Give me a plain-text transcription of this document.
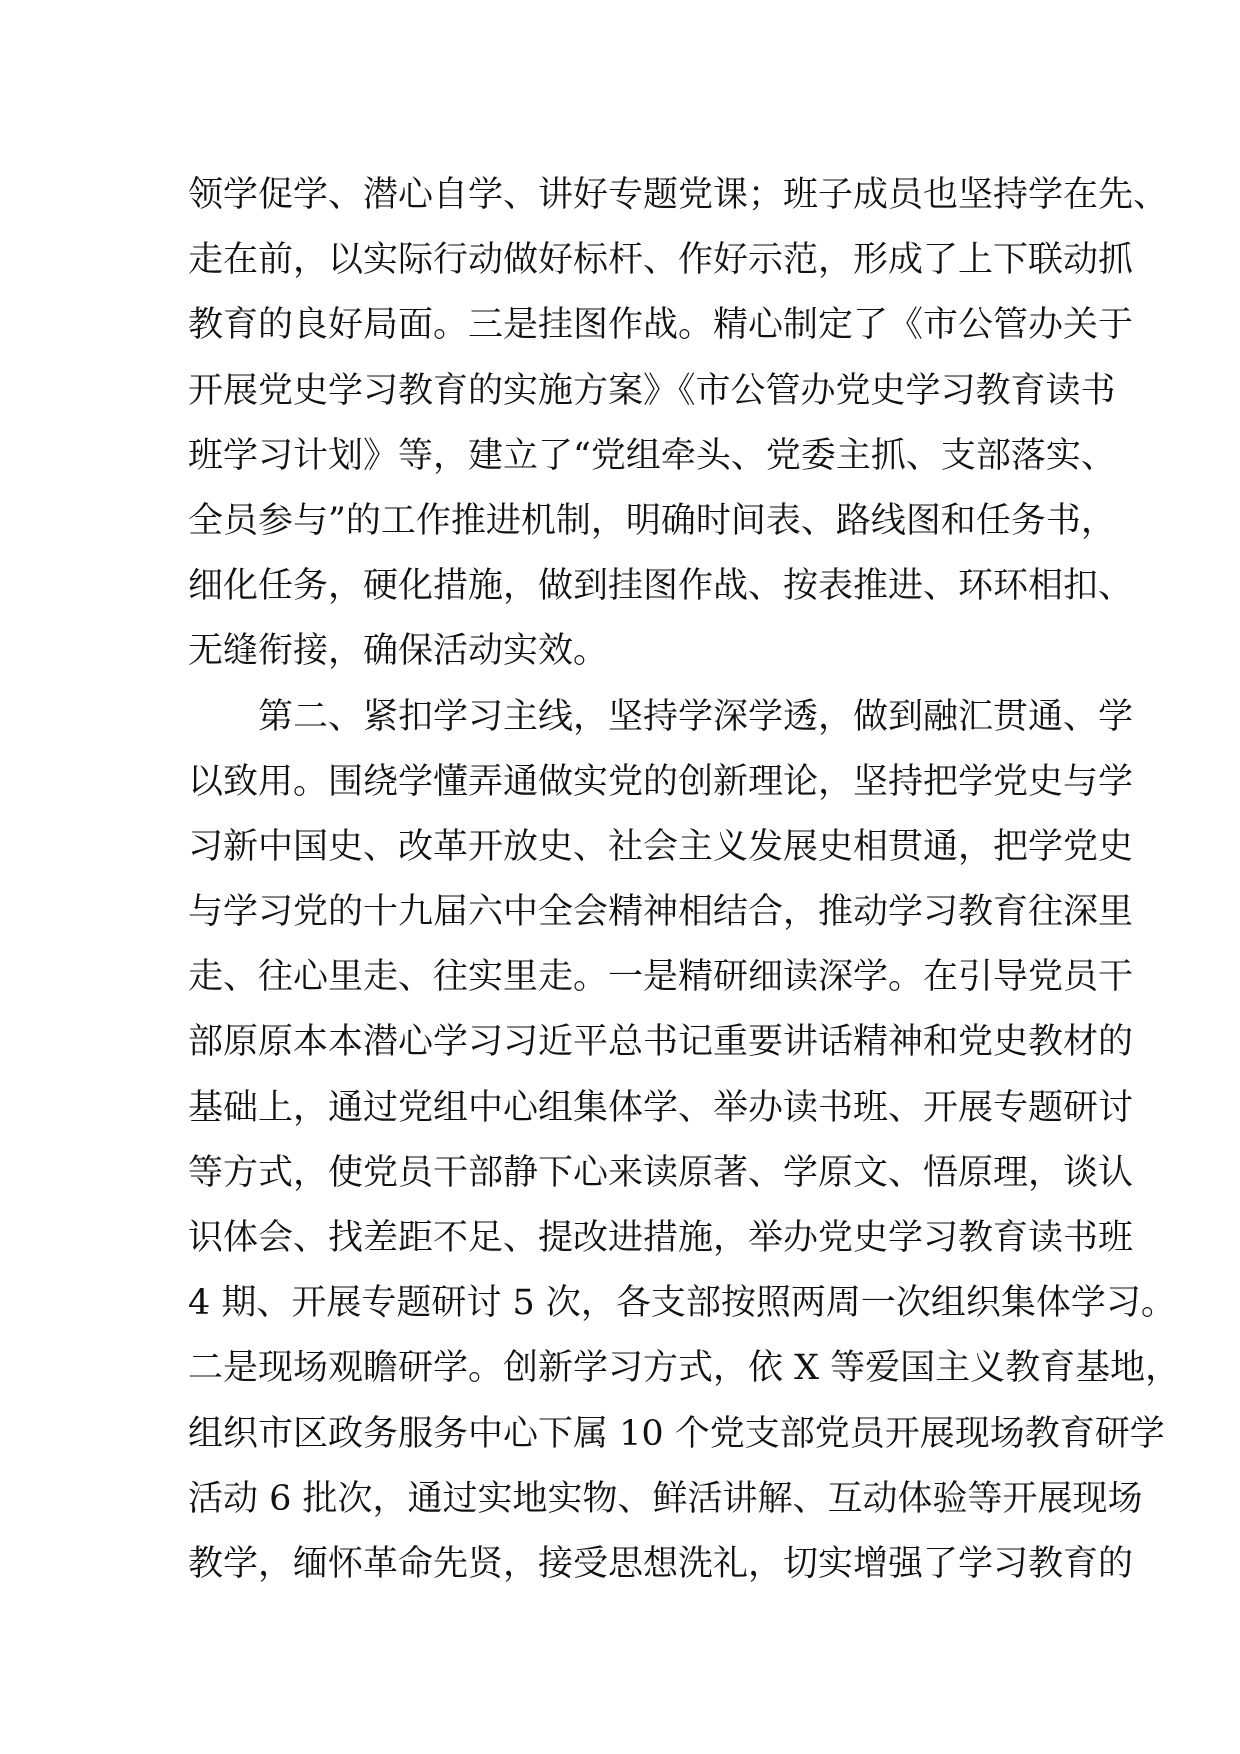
领学促学、潜心自学、讲好专题党课；班子成员也坚持学在先、
走在前，以实际行动做好标杆、作好示范，形成了上下联动抓
教育的良好局面。三是挂图作战。精心制定了《市公管办关于
开展党史学习教育的实施方案》《市公管办党史学习教育读书
班学习计划》等，建立了“党组牵头、党委主抓、支部落实、
全员参与”的工作推进机制，明确时间表、路线图和任务书，
细化任务，硬化措施，做到挂图作战、按表推进、环环相扣、
无缝衔接，确保活动实效。
　　第二、紧扣学习主线，坚持学深学透，做到融汇贯通、学
以致用。围绕学懂弄通做实党的创新理论，坚持把学党史与学
习新中国史、改革开放史、社会主义发展史相贯通，把学党史
与学习党的十九届六中全会精神相结合，推动学习教育往深里
走、往心里走、往实里走。一是精研细读深学。在引导党员干
部原原本本潜心学习习近平总书记重要讲话精神和党史教材的
基础上，通过党组中心组集体学、举办读书班、开展专题研讨
等方式，使党员干部静下心来读原著、学原文、悟原理，谈认
识体会、找差距不足、提改进措施，举办党史学习教育读书班
4 期、开展专题研讨 5 次，各支部按照两周一次组织集体学习。
二是现场观瞻研学。创新学习方式，依 X 等爱国主义教育基地，
组织市区政务服务中心下属 10 个党支部党员开展现场教育研学
活动 6 批次，通过实地实物、鲜活讲解、互动体验等开展现场
教学，缅怀革命先贤，接受思想洗礼，切实增强了学习教育的
